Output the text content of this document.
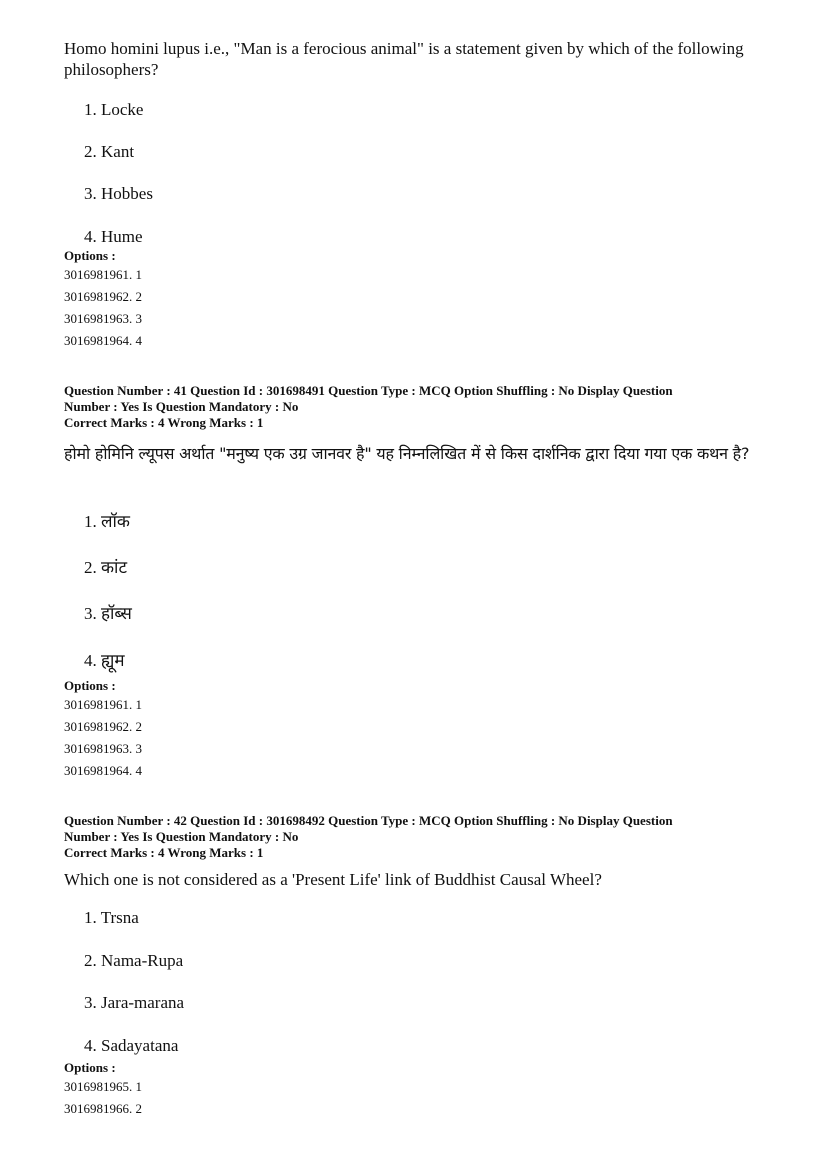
Homo homini lupus i.e., "Man is a ferocious animal" is a statement given by which of the following philosophers?

1. Locke
2. Kant
3. Hobbes
4. Hume

Options :

3016981961. 1

3016981962. 2

3016981963. 3

3016981964. 4

Question Number : 41 Question Id : 301698491 Question Type : MCQ Option Shuffling : No Display Question

Number : Yes Is Question Mandatory : No

Correct Marks : 4 Wrong Marks : 1

होमो होमिनि ल्यूपस अर्थात "मनुष्य एक उग्र जानवर है" यह निम्नलिखित में से किस दार्शनिक द्वारा दिया गया एक कथन है?

1. लॉक
2. कांट
3. हॉब्स
4. ह्यूम

Options :

3016981961. 1

3016981962. 2

3016981963. 3

3016981964. 4

Question Number : 42 Question Id : 301698492 Question Type : MCQ Option Shuffling : No Display Question

Number : Yes Is Question Mandatory : No

Correct Marks : 4 Wrong Marks : 1

Which one is not considered as a 'Present Life' link of Buddhist Causal Wheel?

1. Trsna
2. Nama-Rupa
3. Jara-marana
4. Sadayatana

Options :

3016981965. 1

3016981966. 2
